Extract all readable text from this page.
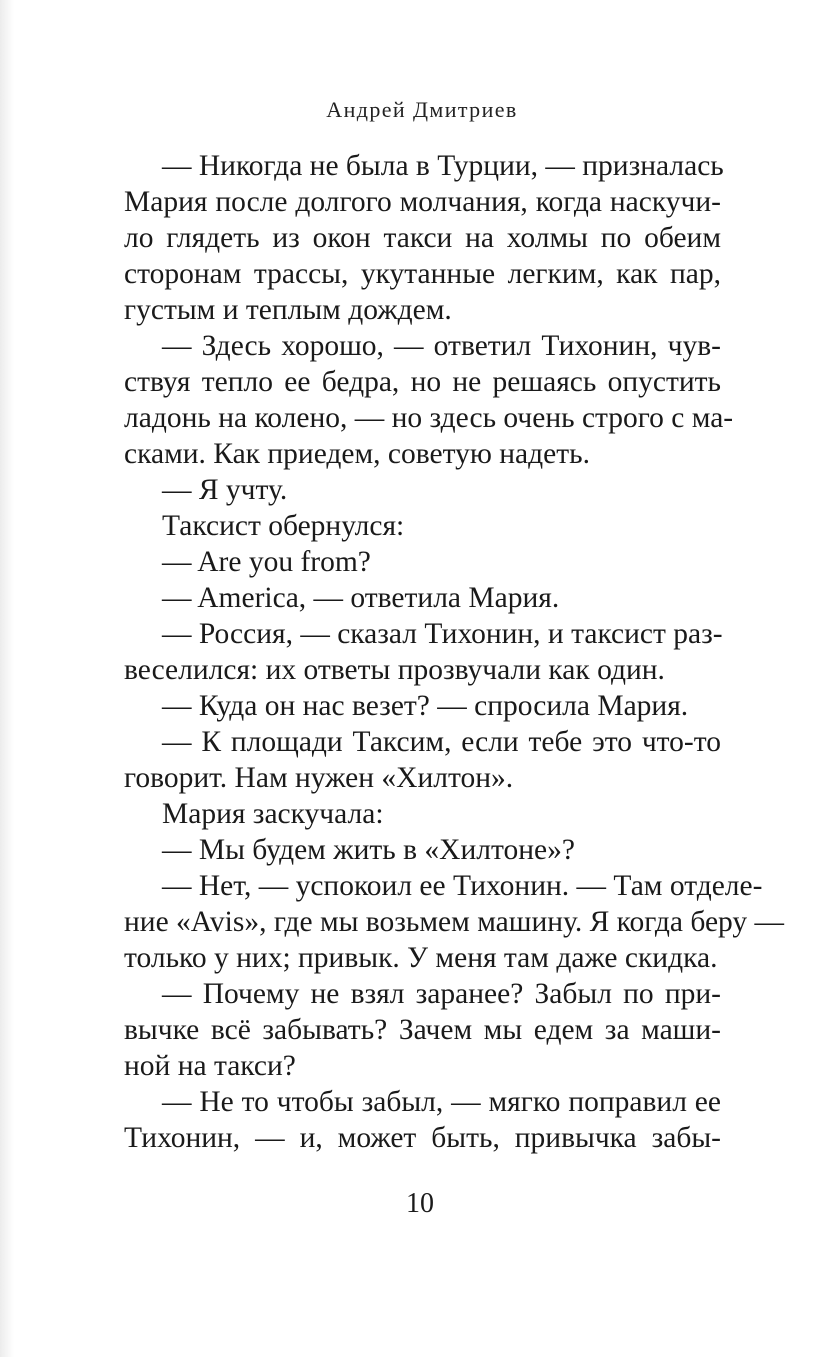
Андрей Дмитриев
— Никогда не была в Турции, — призналась
Мария после долгого молчания, когда наскучи-
ло глядеть из окон такси на холмы по обеим
сторонам трассы, укутанные легким, как пар,
густым и теплым дождем.
— Здесь хорошо, — ответил Тихонин, чув-
ствуя тепло ее бедра, но не решаясь опустить
ладонь на колено, — но здесь очень строго с ма-
сками. Как приедем, советую надеть.
— Я учту.
Таксист обернулся:
— Are you from?
— America, — ответила Мария.
— Россия, — сказал Тихонин, и таксист раз-
веселился: их ответы прозвучали как один.
— Куда он нас везет? — спросила Мария.
— К площади Таксим, если тебе это что-то
говорит. Нам нужен «Хилтон».
Мария заскучала:
— Мы будем жить в «Хилтоне»?
— Нет, — успокоил ее Тихонин. — Там отделе-
ние «Avis», где мы возьмем машину. Я когда беру —
только у них; привык. У меня там даже скидка.
— Почему не взял заранее? Забыл по при-
вычке всё забывать? Зачем мы едем за маши-
ной на такси?
— Не то чтобы забыл, — мягко поправил ее
Тихонин, — и, может быть, привычка забы-
10
